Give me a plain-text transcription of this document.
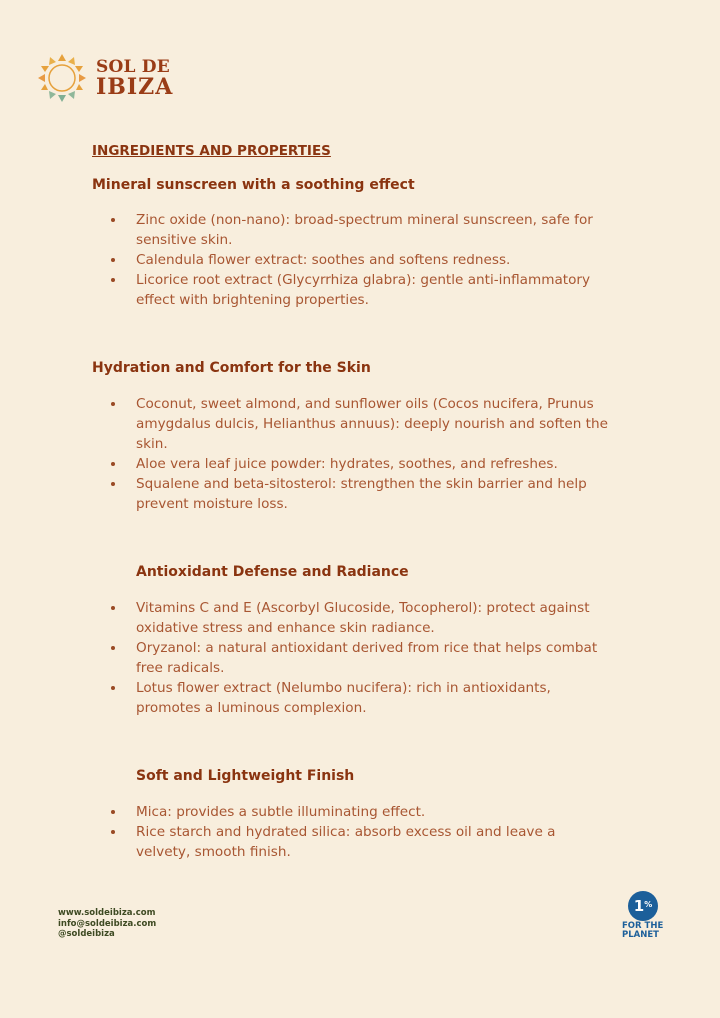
SOL DE
IBIZA
INGREDIENTS AND PROPERTIES
Mineral sunscreen with a soothing effect
Zinc oxide (non-nano): broad-spectrum mineral sunscreen, safe for sensitive skin.
Calendula flower extract: soothes and softens redness.
Licorice root extract (Glycyrrhiza glabra): gentle anti-inflammatory effect with brightening properties.
Hydration and Comfort for the Skin
Coconut, sweet almond, and sunflower oils (Cocos nucifera, Prunus amygdalus dulcis, Helianthus annuus): deeply nourish and soften the skin.
Aloe vera leaf juice powder: hydrates, soothes, and refreshes.
Squalene and beta-sitosterol: strengthen the skin barrier and help prevent moisture loss.
Antioxidant Defense and Radiance
Vitamins C and E (Ascorbyl Glucoside, Tocopherol): protect against oxidative stress and enhance skin radiance.
Oryzanol: a natural antioxidant derived from rice that helps combat free radicals.
Lotus flower extract (Nelumbo nucifera): rich in antioxidants, promotes a luminous complexion.
Soft and Lightweight Finish
Mica: provides a subtle illuminating effect.
Rice starch and hydrated silica: absorb excess oil and leave a velvety, smooth finish.
www.soldeibiza.com
info@soldeibiza.com
@soldeibiza
1%
FOR THE
PLANET
